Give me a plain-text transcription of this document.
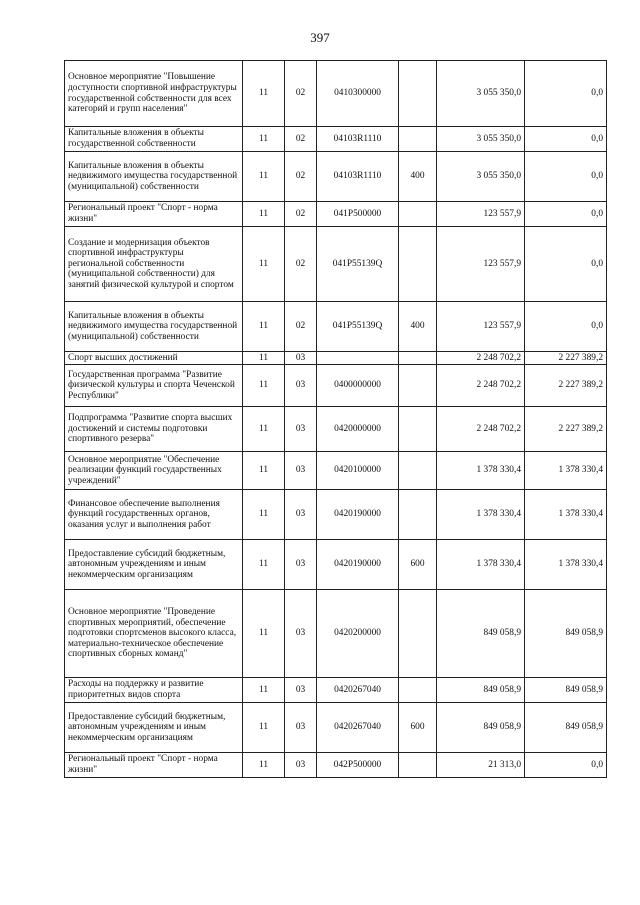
397
Основное мероприятие "Повышение доступности спортивной инфраструктуры государственной собственности для всех категорий и групп населения"	11	02	0410300000		3 055 350,0	0,0
Капитальные вложения в объекты государственной собственности	11	02	04103R1110		3 055 350,0	0,0
Капитальные вложения в объекты недвижимого имущества государственной (муниципальной) собственности	11	02	04103R1110	400	3 055 350,0	0,0
Региональный проект "Спорт - норма жизни"	11	02	041P500000		123 557,9	0,0
Создание и модернизация объектов спортивной инфраструктуры региональной собственности (муниципальной собственности) для занятий физической культурой и спортом	11	02	041P55139Q		123 557,9	0,0
Капитальные вложения в объекты недвижимого имущества государственной (муниципальной) собственности	11	02	041P55139Q	400	123 557,9	0,0
Спорт высших достижений	11	03			2 248 702,2	2 227 389,2
Государственная программа "Развитие физической культуры и спорта Чеченской Республики"	11	03	0400000000		2 248 702,2	2 227 389,2
Подпрограмма "Развитие спорта высших достижений и системы подготовки спортивного резерва"	11	03	0420000000		2 248 702,2	2 227 389,2
Основное мероприятие "Обеспечение реализации функций государственных учреждений"	11	03	0420100000		1 378 330,4	1 378 330,4
Финансовое обеспечение выполнения функций государственных органов, оказания услуг и выполнения работ	11	03	0420190000		1 378 330,4	1 378 330,4
Предоставление субсидий бюджетным, автономным учреждениям и иным некоммерческим организациям	11	03	0420190000	600	1 378 330,4	1 378 330,4
Основное мероприятие "Проведение спортивных мероприятий, обеспечение подготовки спортсменов высокого класса, материально-техническое обеспечение спортивных сборных команд"	11	03	0420200000		849 058,9	849 058,9
Расходы на поддержку и развитие приоритетных видов спорта	11	03	0420267040		849 058,9	849 058,9
Предоставление субсидий бюджетным, автономным учреждениям и иным некоммерческим организациям	11	03	0420267040	600	849 058,9	849 058,9
Региональный проект "Спорт - норма жизни"	11	03	042P500000		21 313,0	0,0
